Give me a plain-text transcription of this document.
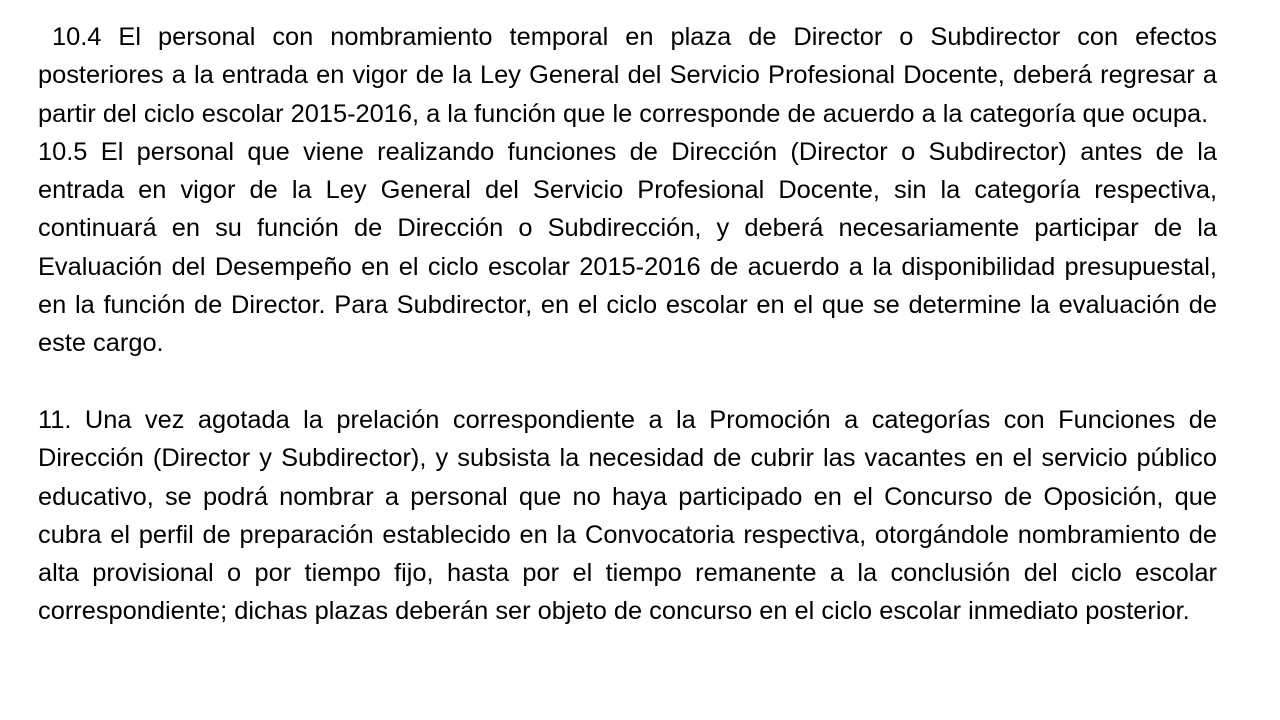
10.4 El personal con nombramiento temporal en plaza de Director o Subdirector con efectos posteriores a la entrada en vigor de la Ley General del Servicio Profesional Docente, deberá regresar a partir del ciclo escolar 2015-2016, a la función que le corresponde de acuerdo a la categoría que ocupa.

10.5 El personal que viene realizando funciones de Dirección (Director o Subdirector) antes de la entrada en vigor de la Ley General del Servicio Profesional Docente, sin la categoría respectiva, continuará en su función de Dirección o Subdirección, y deberá necesariamente participar de la Evaluación del Desempeño en el ciclo escolar 2015-2016 de acuerdo a la disponibilidad presupuestal, en la función de Director. Para Subdirector, en el ciclo escolar en el que se determine la evaluación de este cargo.

11. Una vez agotada la prelación correspondiente a la Promoción a categorías con Funciones de Dirección (Director y Subdirector), y subsista la necesidad de cubrir las vacantes en el servicio público educativo, se podrá nombrar a personal que no haya participado en el Concurso de Oposición, que cubra el perfil de preparación establecido en la Convocatoria respectiva, otorgándole nombramiento de alta provisional o por tiempo fijo, hasta por el tiempo remanente a la conclusión del ciclo escolar correspondiente; dichas plazas deberán ser objeto de concurso en el ciclo escolar inmediato posterior.
